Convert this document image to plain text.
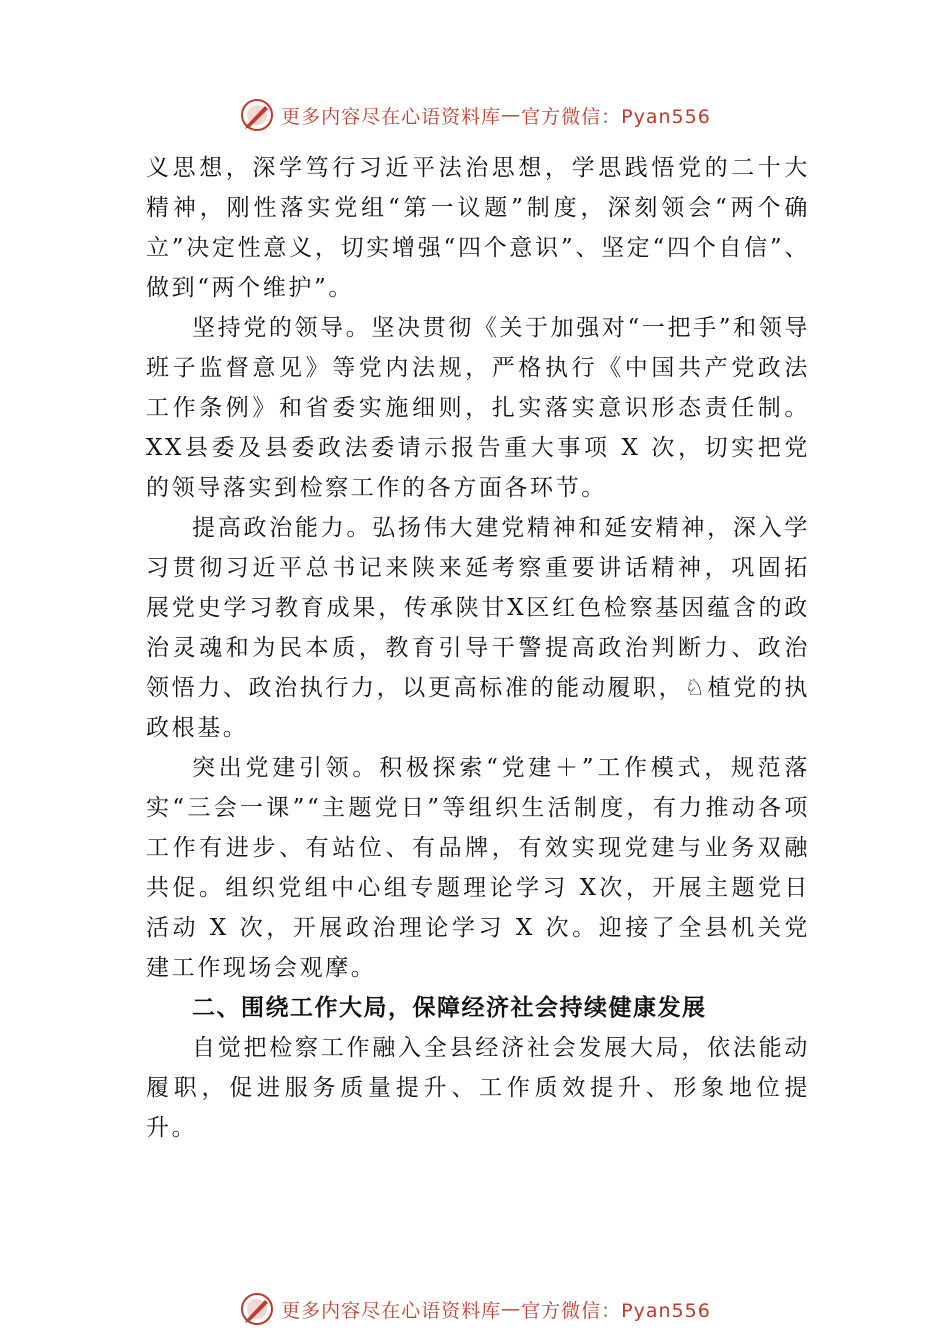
更多内容尽在心语资料库 — 官方微信：Pyan556

义思想，深学笃行习近平法治思想，学思践悟党的二十大精神，刚性落实党组“第一议题”制度，深刻领会“两个确立”决定性意义，切实增强“四个意识”、坚定“四个自信”、做到“两个维护”。

坚持党的领导。坚决贯彻《关于加强对“一把手”和领导班子监督意见》等党内法规，严格执行《中国共产党政法工作条例》和省委实施细则，扎实落实意识形态责任制。XX县委及县委政法委请示报告重大事项 X 次，切实把党的领导落实到检察工作的各方面各环节。

提高政治能力。弘扬伟大建党精神和延安精神，深入学习贯彻习近平总书记来陕来延考察重要讲话精神，巩固拓展党史学习教育成果，传承陕甘X区红色检察基因蕴含的政治灵魂和为民本质，教育引导干警提高政治判断力、政治领悟力、政治执行力，以更高标准的能动履职，♘植党的执政根基。

突出党建引领。积极探索“党建＋”工作模式，规范落实“三会一课”“主题党日”等组织生活制度，有力推动各项工作有进步、有站位、有品牌，有效实现党建与业务双融共促。组织党组中心组专题理论学习 X次，开展主题党日活动 X 次，开展政治理论学习 X 次。迎接了全县机关党建工作现场会观摩。

二、围绕工作大局，保障经济社会持续健康发展

自觉把检察工作融入全县经济社会发展大局，依法能动履职，促进服务质量提升、工作质效提升、形象地位提升。

更多内容尽在心语资料库 — 官方微信：Pyan556
